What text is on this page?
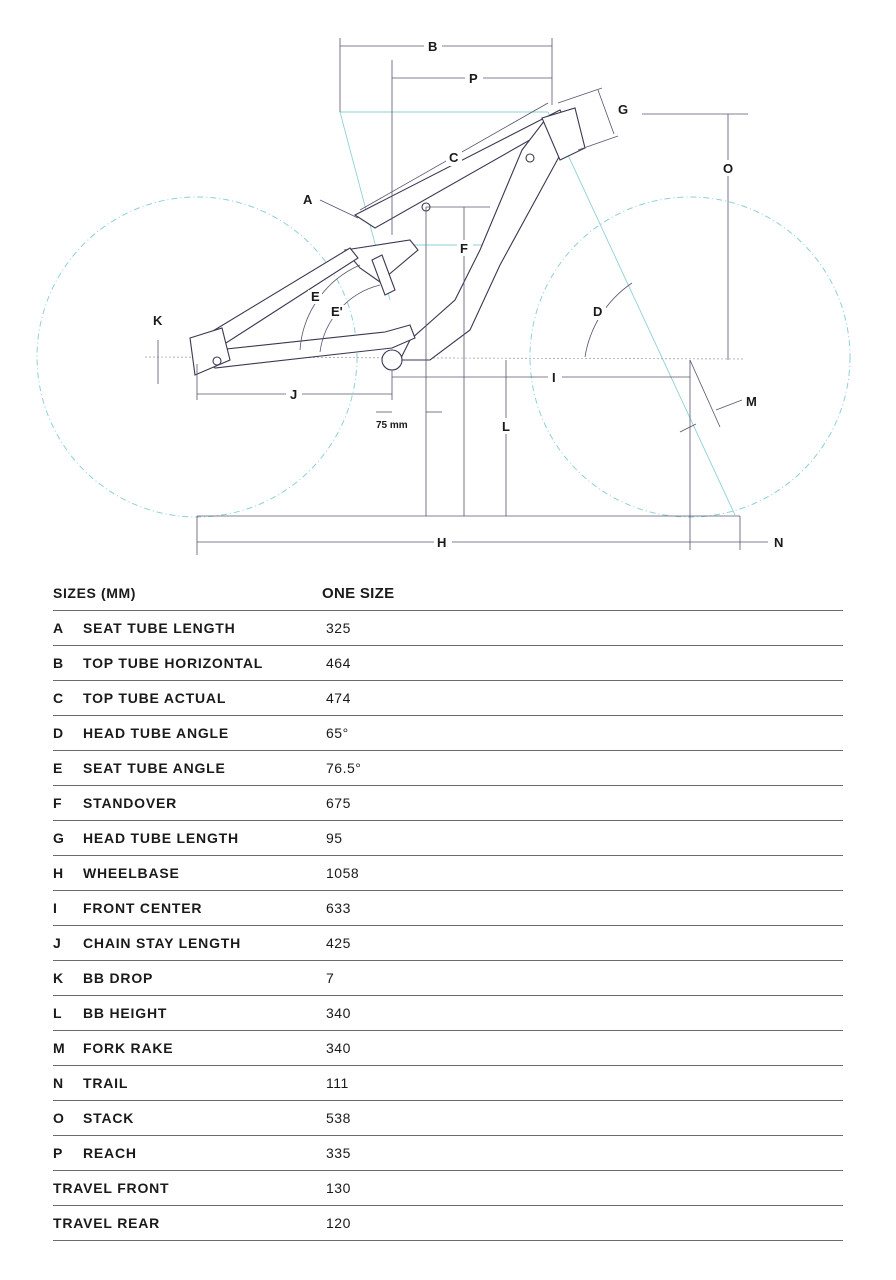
A
B
P
C
G
O
F
75 mm
E
E'	D
K
J
I
L
M
H	N
SIZES (MM)	ONE SIZE
A	SEAT TUBE LENGTH	325
B	TOP TUBE HORIZONTAL	464
C	TOP TUBE ACTUAL	474
D	HEAD TUBE ANGLE	65°
E	SEAT TUBE ANGLE	76.5°
F	STANDOVER	675
G	HEAD TUBE LENGTH	95
H	WHEELBASE	1058
I	FRONT CENTER	633
J	CHAIN STAY LENGTH	425
K	BB DROP	7
L	BB HEIGHT	340
M	FORK RAKE	340
N	TRAIL	111
O	STACK	538
P	REACH	335
TRAVEL FRONT	130
TRAVEL REAR	120
